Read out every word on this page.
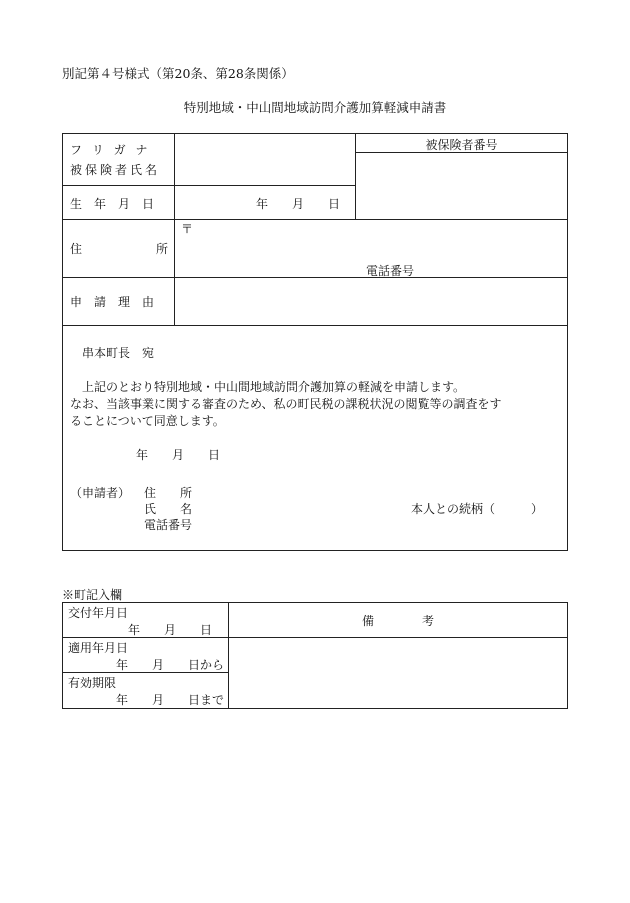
別記第４号様式（第20条、第28条関係）
特別地域・中山間地域訪問介護加算軽減申請書
フ リ ガ ナ
被保険者氏名
被保険者番号
生　年　月　日	年　　月　　日
住	所
〒
電話番号
申　請　理　由
串本町長　宛
上記のとおり特別地域・中山間地域訪問介護加算の軽減を申請します。
なお、当該事業に関する審査のため、私の町民税の課税状況の閲覧等の調査をす
ることについて同意します。
年　　月　　日
（申請者） 住　　所
氏　　名
電話番号
本人との続柄（　　　）
※町記入欄
交付年月日
年　　月　　日
備　　　　考
適用年月日
年　　月　　日から
有効期限
年　　月　　日まで
